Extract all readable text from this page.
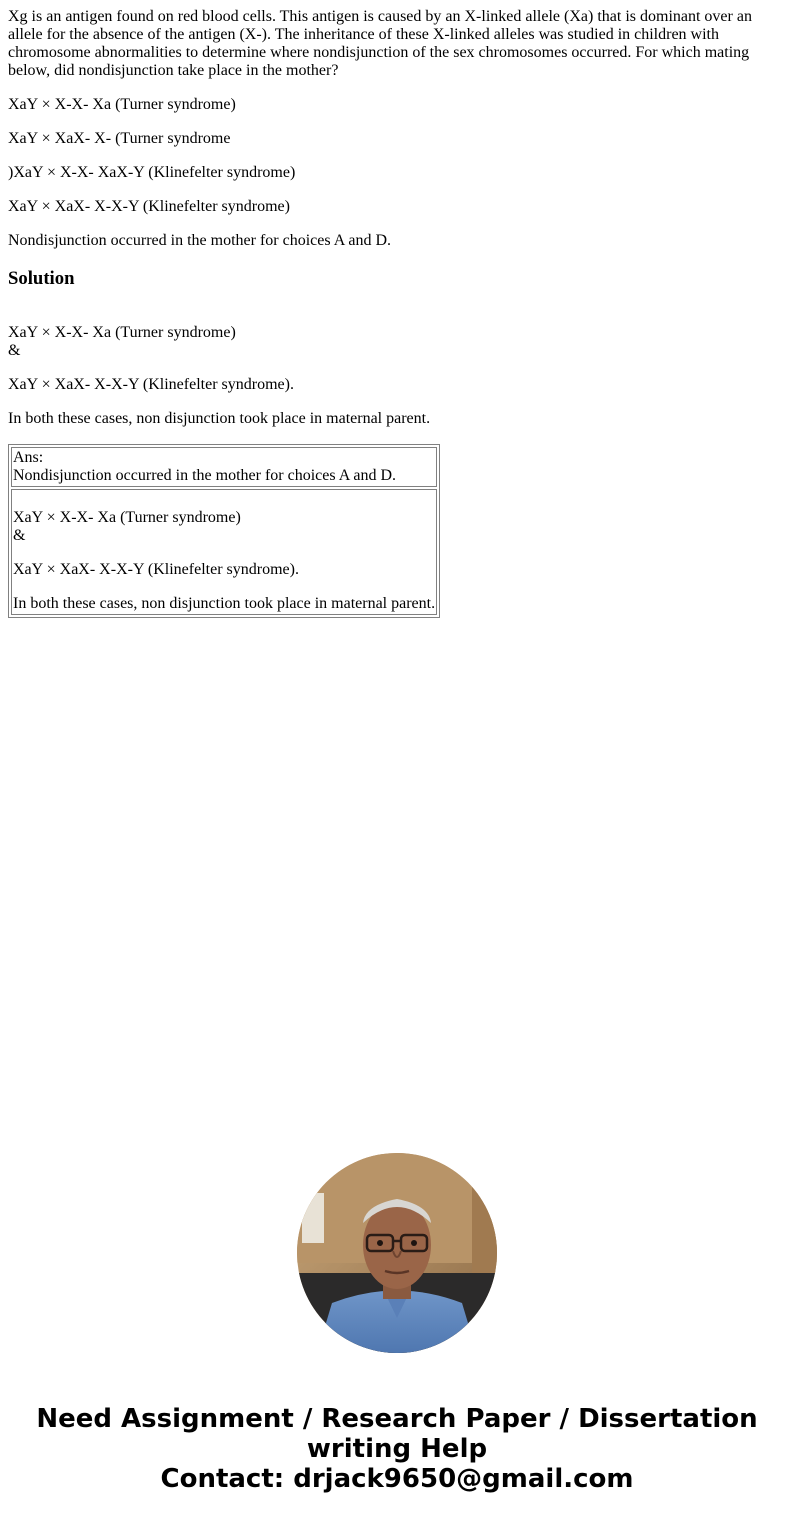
Xg is an antigen found on red blood cells. This antigen is caused by an X-linked allele (Xa) that is dominant over an allele for the absence of the antigen (X-). The inheritance of these X-linked alleles was studied in children with chromosome abnormalities to determine where nondisjunction of the sex chromosomes occurred. For which mating below, did nondisjunction take place in the mother?

XaY × X-X- Xa (Turner syndrome)

XaY × XaX- X- (Turner syndrome

)XaY × X-X- XaX-Y (Klinefelter syndrome)

XaY × XaX- X-X-Y (Klinefelter syndrome)

Nondisjunction occurred in the mother for choices A and D.

Solution
XaY × X-X- Xa (Turner syndrome)
&

XaY × XaX- X-X-Y (Klinefelter syndrome).

In both these cases, non disjunction took place in maternal parent.

Ans:
Nondisjunction occurred in the mother for choices A and D.

XaY × X-X- Xa (Turner syndrome)
&
XaY × XaX- X-X-Y (Klinefelter syndrome).
In both these cases, non disjunction took place in maternal parent.
Need Assignment / Research Paper / Dissertation
writing Help
Contact: drjack9650@gmail.com
